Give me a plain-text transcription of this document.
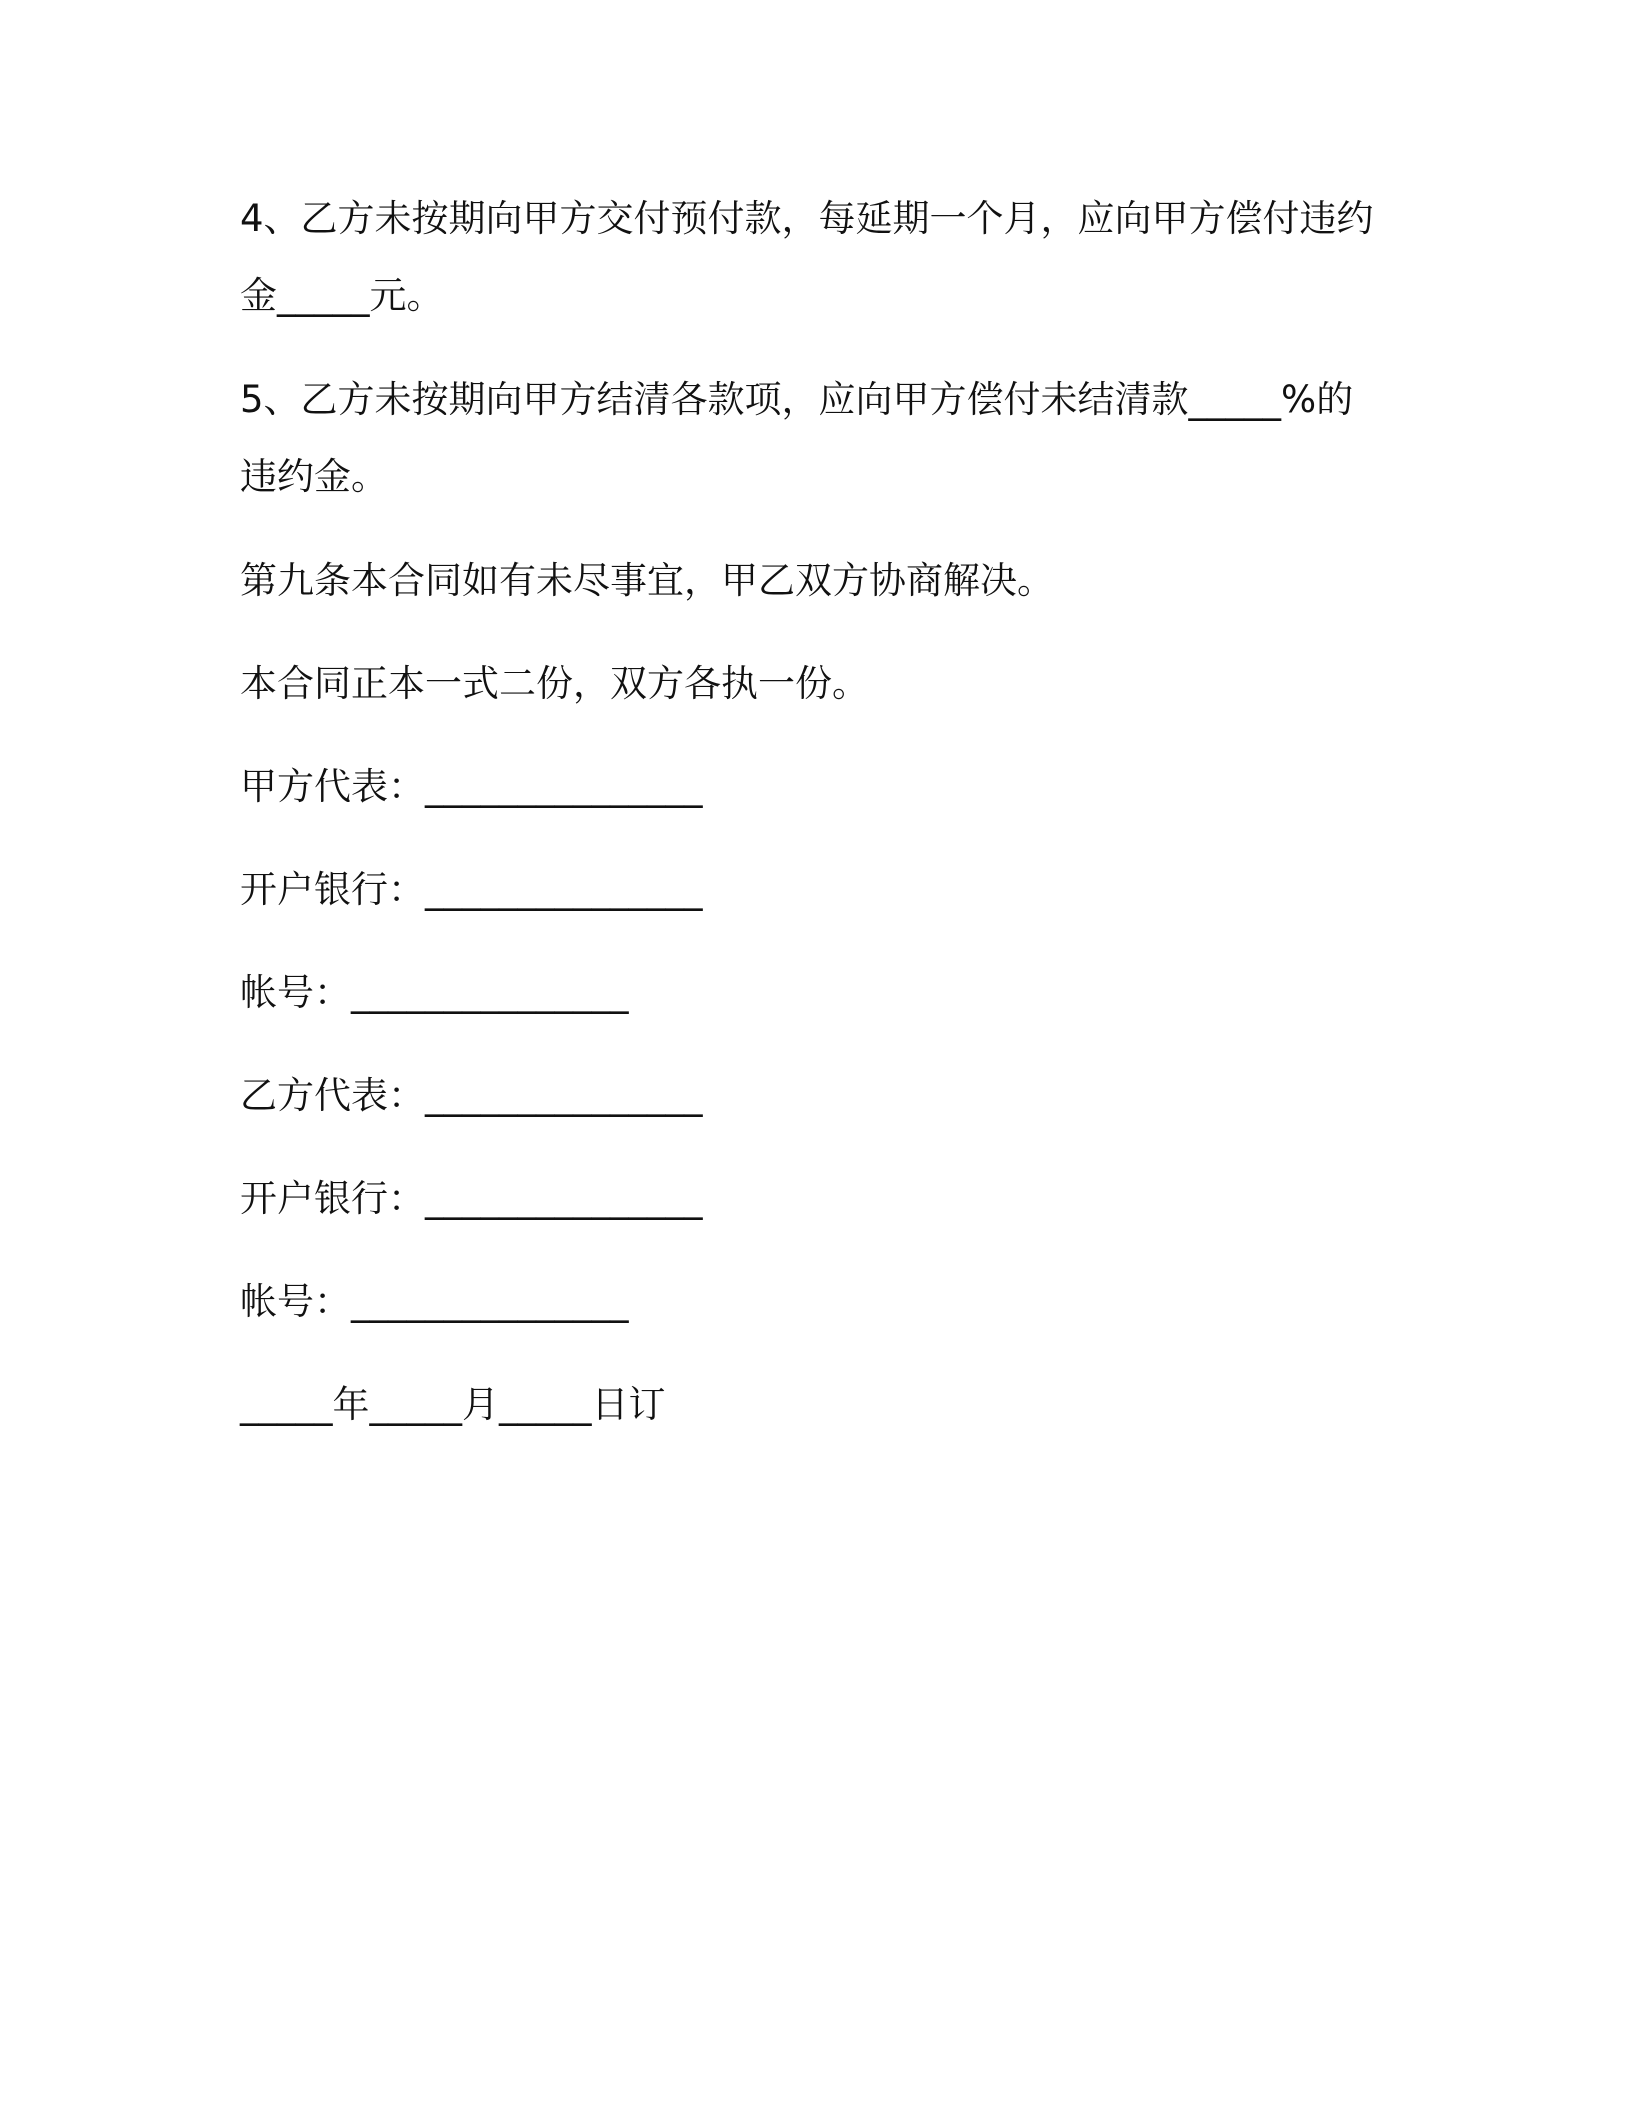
4、乙方未按期向甲方交付预付款，每延期一个月，应向甲方偿付违约
金_____元。
5、乙方未按期向甲方结清各款项，应向甲方偿付未结清款_____%的
违约金。
第九条本合同如有未尽事宜，甲乙双方协商解决。
本合同正本一式二份，双方各执一份。
甲方代表：_______________
开户银行：_______________
帐号：_______________
乙方代表：_______________
开户银行：_______________
帐号：_______________
_____年_____月_____日订
